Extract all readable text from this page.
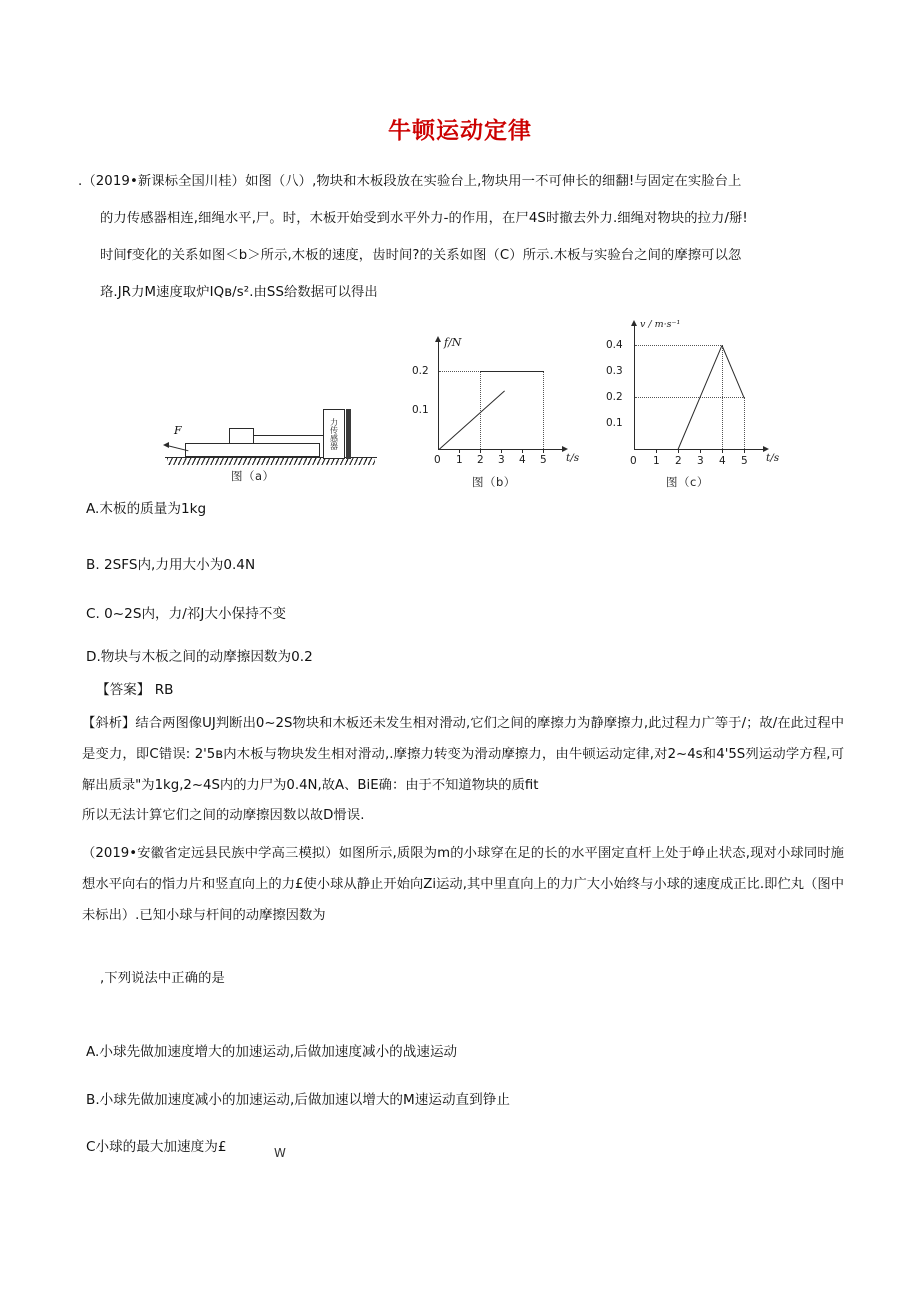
牛顿运动定律
.（2019•新课标全国川桂）如图（八）,物块和木板段放在实验台上,物块用一不可伸长的细翻!与固定在实脸台上
的力传感器相连,细绳水平,尸。时，木板开始受到水平外力-的作用，在尸4S时撤去外力.细绳对物块的拉力/掰!
时间f变化的关系如图＜b＞所示,木板的速度，齿时间?的关系如图（C）所示.木板与实验台之间的摩擦可以忽
珞.JR力M速度取炉IQв/s².由SS给数据可以得出
力传感器
F
图（a）
f/N
t/s
0.1
0.2
0 1 2 3 4 5
图（b）
v / m·s⁻¹
t/s
0.4
0.3
0.2
0.1
0 1 2 3 4 5
图（c）
A.木板的质量为1kg
B. 2SFS内,力用大小为0.4N
C. 0~2S内，力/祁J大小保持不变
D.物块与木板之间的动摩擦因数为0.2
【答案】 RB
【斜析】结合两图像UJ判断出0~2S物块和木板还未发生相对滑动,它们之间的摩擦力为静摩擦力,此过程力广等于/；故/在此过程中是变力，即C错误: 2'5в内木板与物块发生相对滑动,.摩擦力转变为滑动摩擦力，由牛顿运动定律,对2~4s和4'5S列运动学方程,可解出质录"为1kg,2~4S内的力尸为0.4N,故A、BiE确：由于不知道物块的质fit
所以无法计算它们之间的动摩擦因数以故D愲误.
（2019•安徽省定远县民族中学高三模拟）如图所示,质限为m的小球穿在足的长的水平圉定直杆上处于峥止状态,现对小球同时施想水平向右的恉力片和竖直向上的力£使小球从静止开始向Zi运动,其中里直向上的力广大小始终与小球的速度成正比.即伫丸（图中未标出）.已知小球与杆间的动摩擦因数为
,下列说法中正确的是
A.小球先做加速度增大的加速运动,后做加速度减小的战速运动
B.小球先做加速度减小的加速运动,后做加速以增大的M速运动直到铮止
C小球的最大加速度为£	W
